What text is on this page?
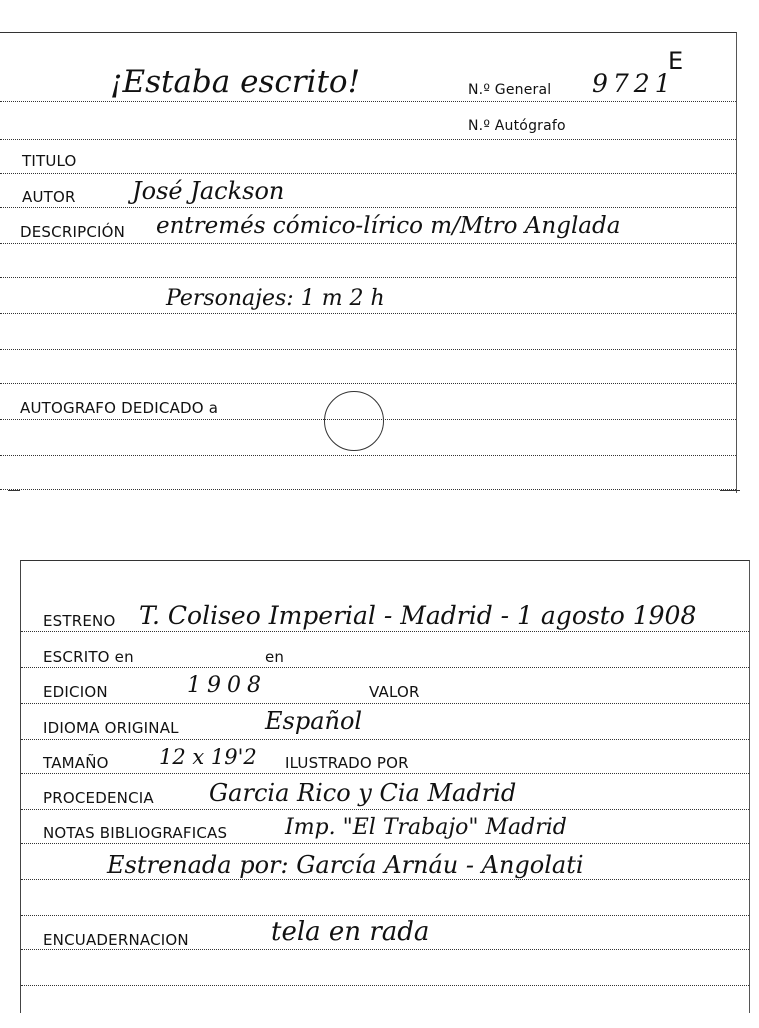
¡Estaba escrito!	N.º General 9721
E
N.º Autógrafo
TITULO
AUTOR José Jackson
DESCRIPCIÓN entremés cómico-lírico m/Mtro Anglada
Personajes: 1 m 2 h
AUTOGRAFO DEDICADO a
ESTRENO T. Coliseo Imperial - Madrid - 1 agosto 1908
ESCRITO en	en
EDICION	1908	VALOR
IDIOMA ORIGINAL	Español
TAMAÑO 12 x 19'2 ILUSTRADO POR
PROCEDENCIA Garcia Rico y Cia Madrid
NOTAS BIBLIOGRAFICAS	Imp. "El Trabajo" Madrid
Estrenada por: García Arnáu - Angolati
ENCUADERNACION	tela en rada
